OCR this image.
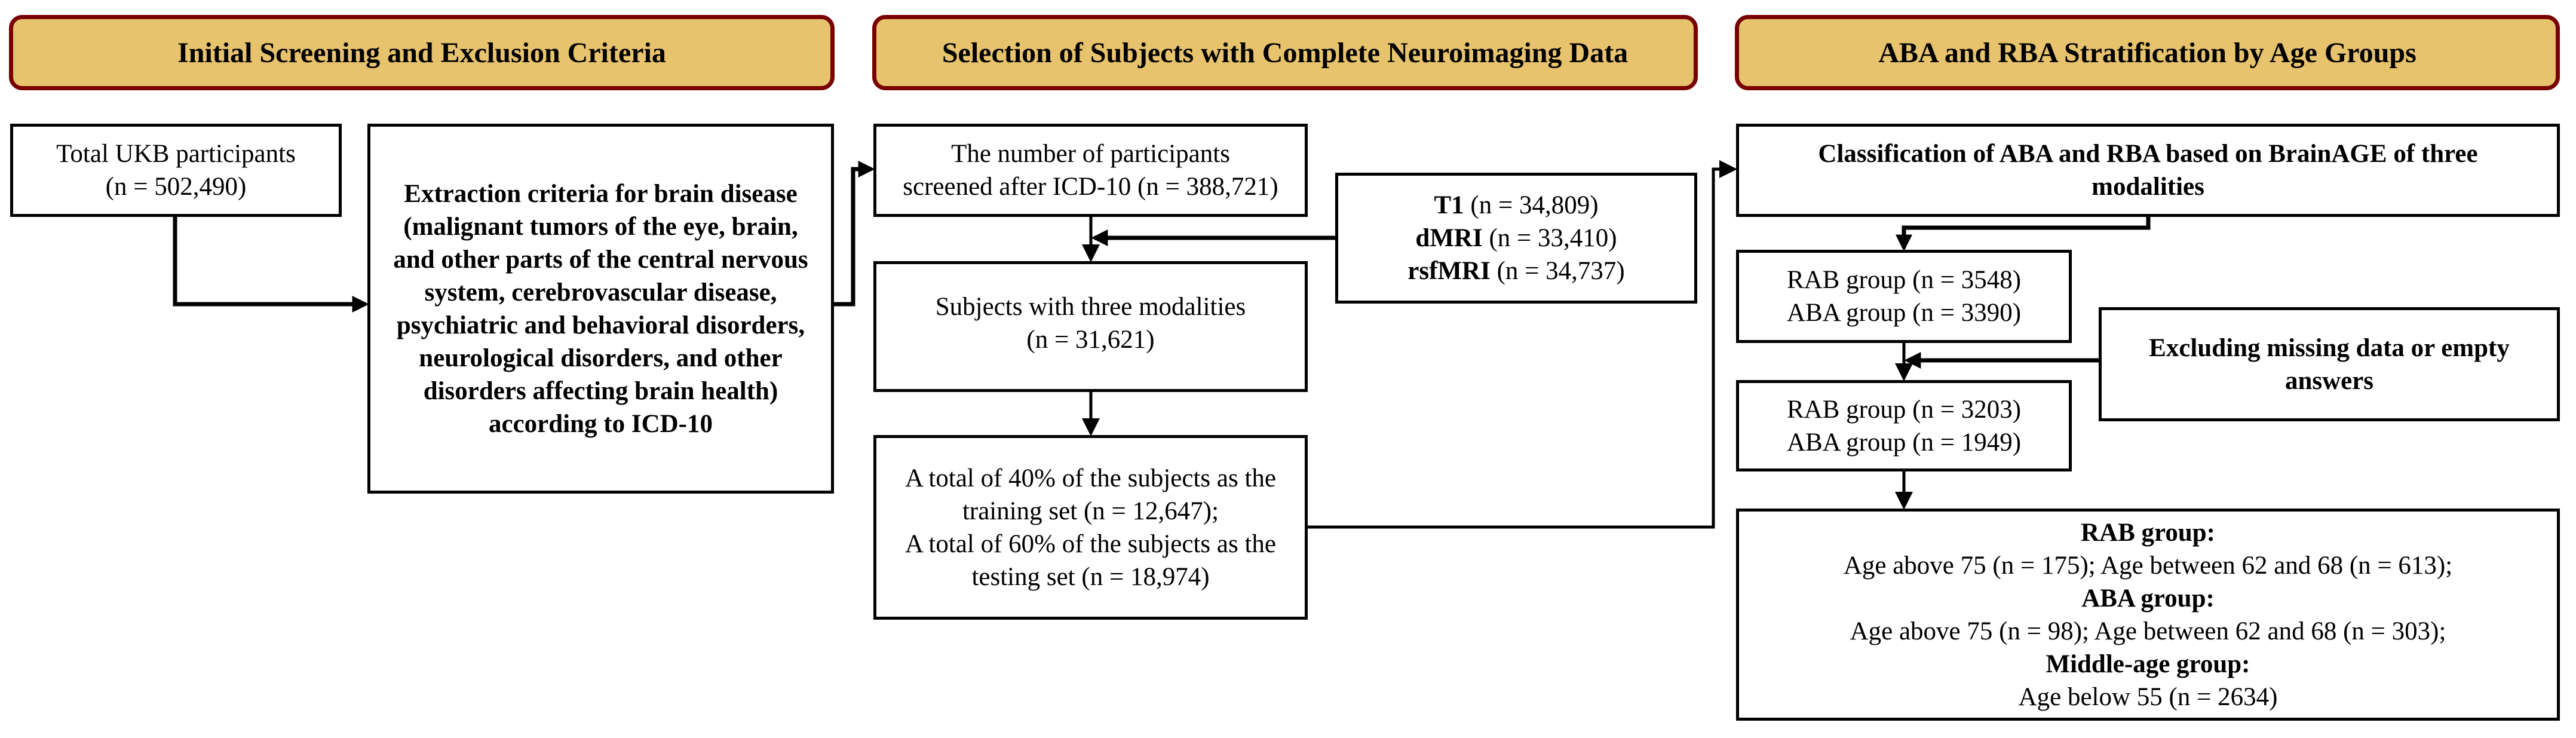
Initial Screening and Exclusion Criteria	Selection of Subjects with Complete Neuroimaging Data	ABA and RBA Stratification by Age Groups
Total UKB participants
(n = 502,490)	Extraction criteria for brain disease (malignant tumors of the eye, brain, and other parts of the central nervous system, cerebrovascular disease, psychiatric and behavioral disorders, neurological disorders, and other disorders affecting brain health) according to ICD-10
The number of participants
screened after ICD-10 (n = 388,721)
T1 (n = 34,809)
dMRI (n = 33,410)
rsfMRI (n = 34,737)
Subjects with three modalities
(n = 31,621)
A total of 40% of the subjects as the
training set (n = 12,647);
A total of 60% of the subjects as the
testing set (n = 18,974)
Classification of ABA and RBA based on BrainAGE of three
modalities
RAB group (n = 3548)
ABA group (n = 3390)
Excluding missing data or empty
answers
RAB group (n = 3203)
ABA group (n = 1949)
RAB group:
Age above 75 (n = 175); Age between 62 and 68 (n = 613);
ABA group:
Age above 75 (n = 98); Age between 62 and 68 (n = 303);
Middle-age group:
Age below 55 (n = 2634)
